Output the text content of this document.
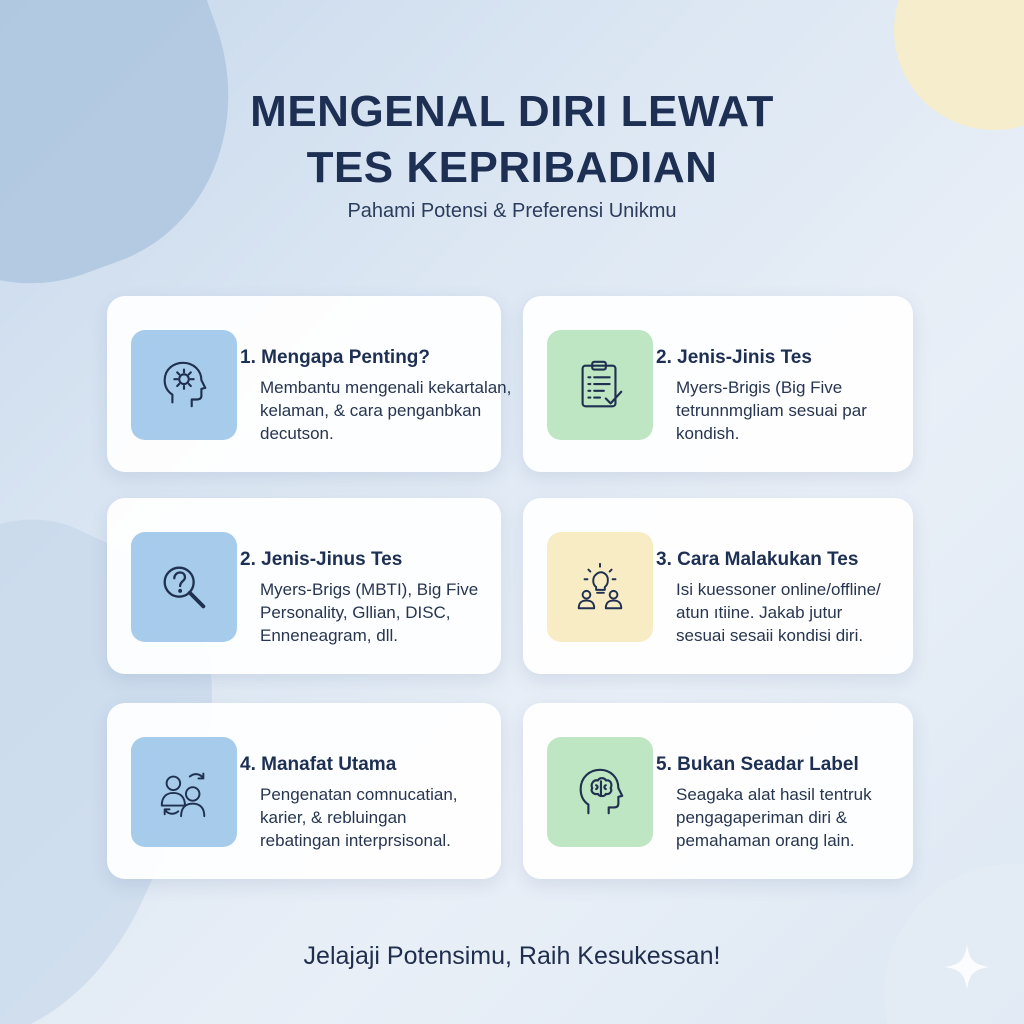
MENGENAL DIRI LEWAT
TES KEPRIBADIAN
Pahami Potensi & Preferensi Unikmu
1. Mengapa Penting?
Membantu mengenali kekartalan,
kelaman, & cara penganbkan
decutson.
2. Jenis-Jinis Tes
Myers-Brigis (Big Five
tetrunnmgliam sesuai par
kondish.
2. Jenis-Jinus Tes
Myers-Brigs (MBTI), Big Five
Personality, Gllian, DISC,
Enneneagram, dll.
3. Cara Malakukan Tes
Isi kuessoner online/offline/
atun ıtiine. Jakab jutur
sesuai sesaii kondisi diri.
4. Manafat Utama
Pengenatan comnucatian,
karier, & rebluingan
rebatingan interprsisonal.
5. Bukan Seadar Label
Seagaka alat hasil tentruk
pengagaperiman diri &
pemahaman orang lain.
Jelajaji Potensimu, Raih Kesukessan!
